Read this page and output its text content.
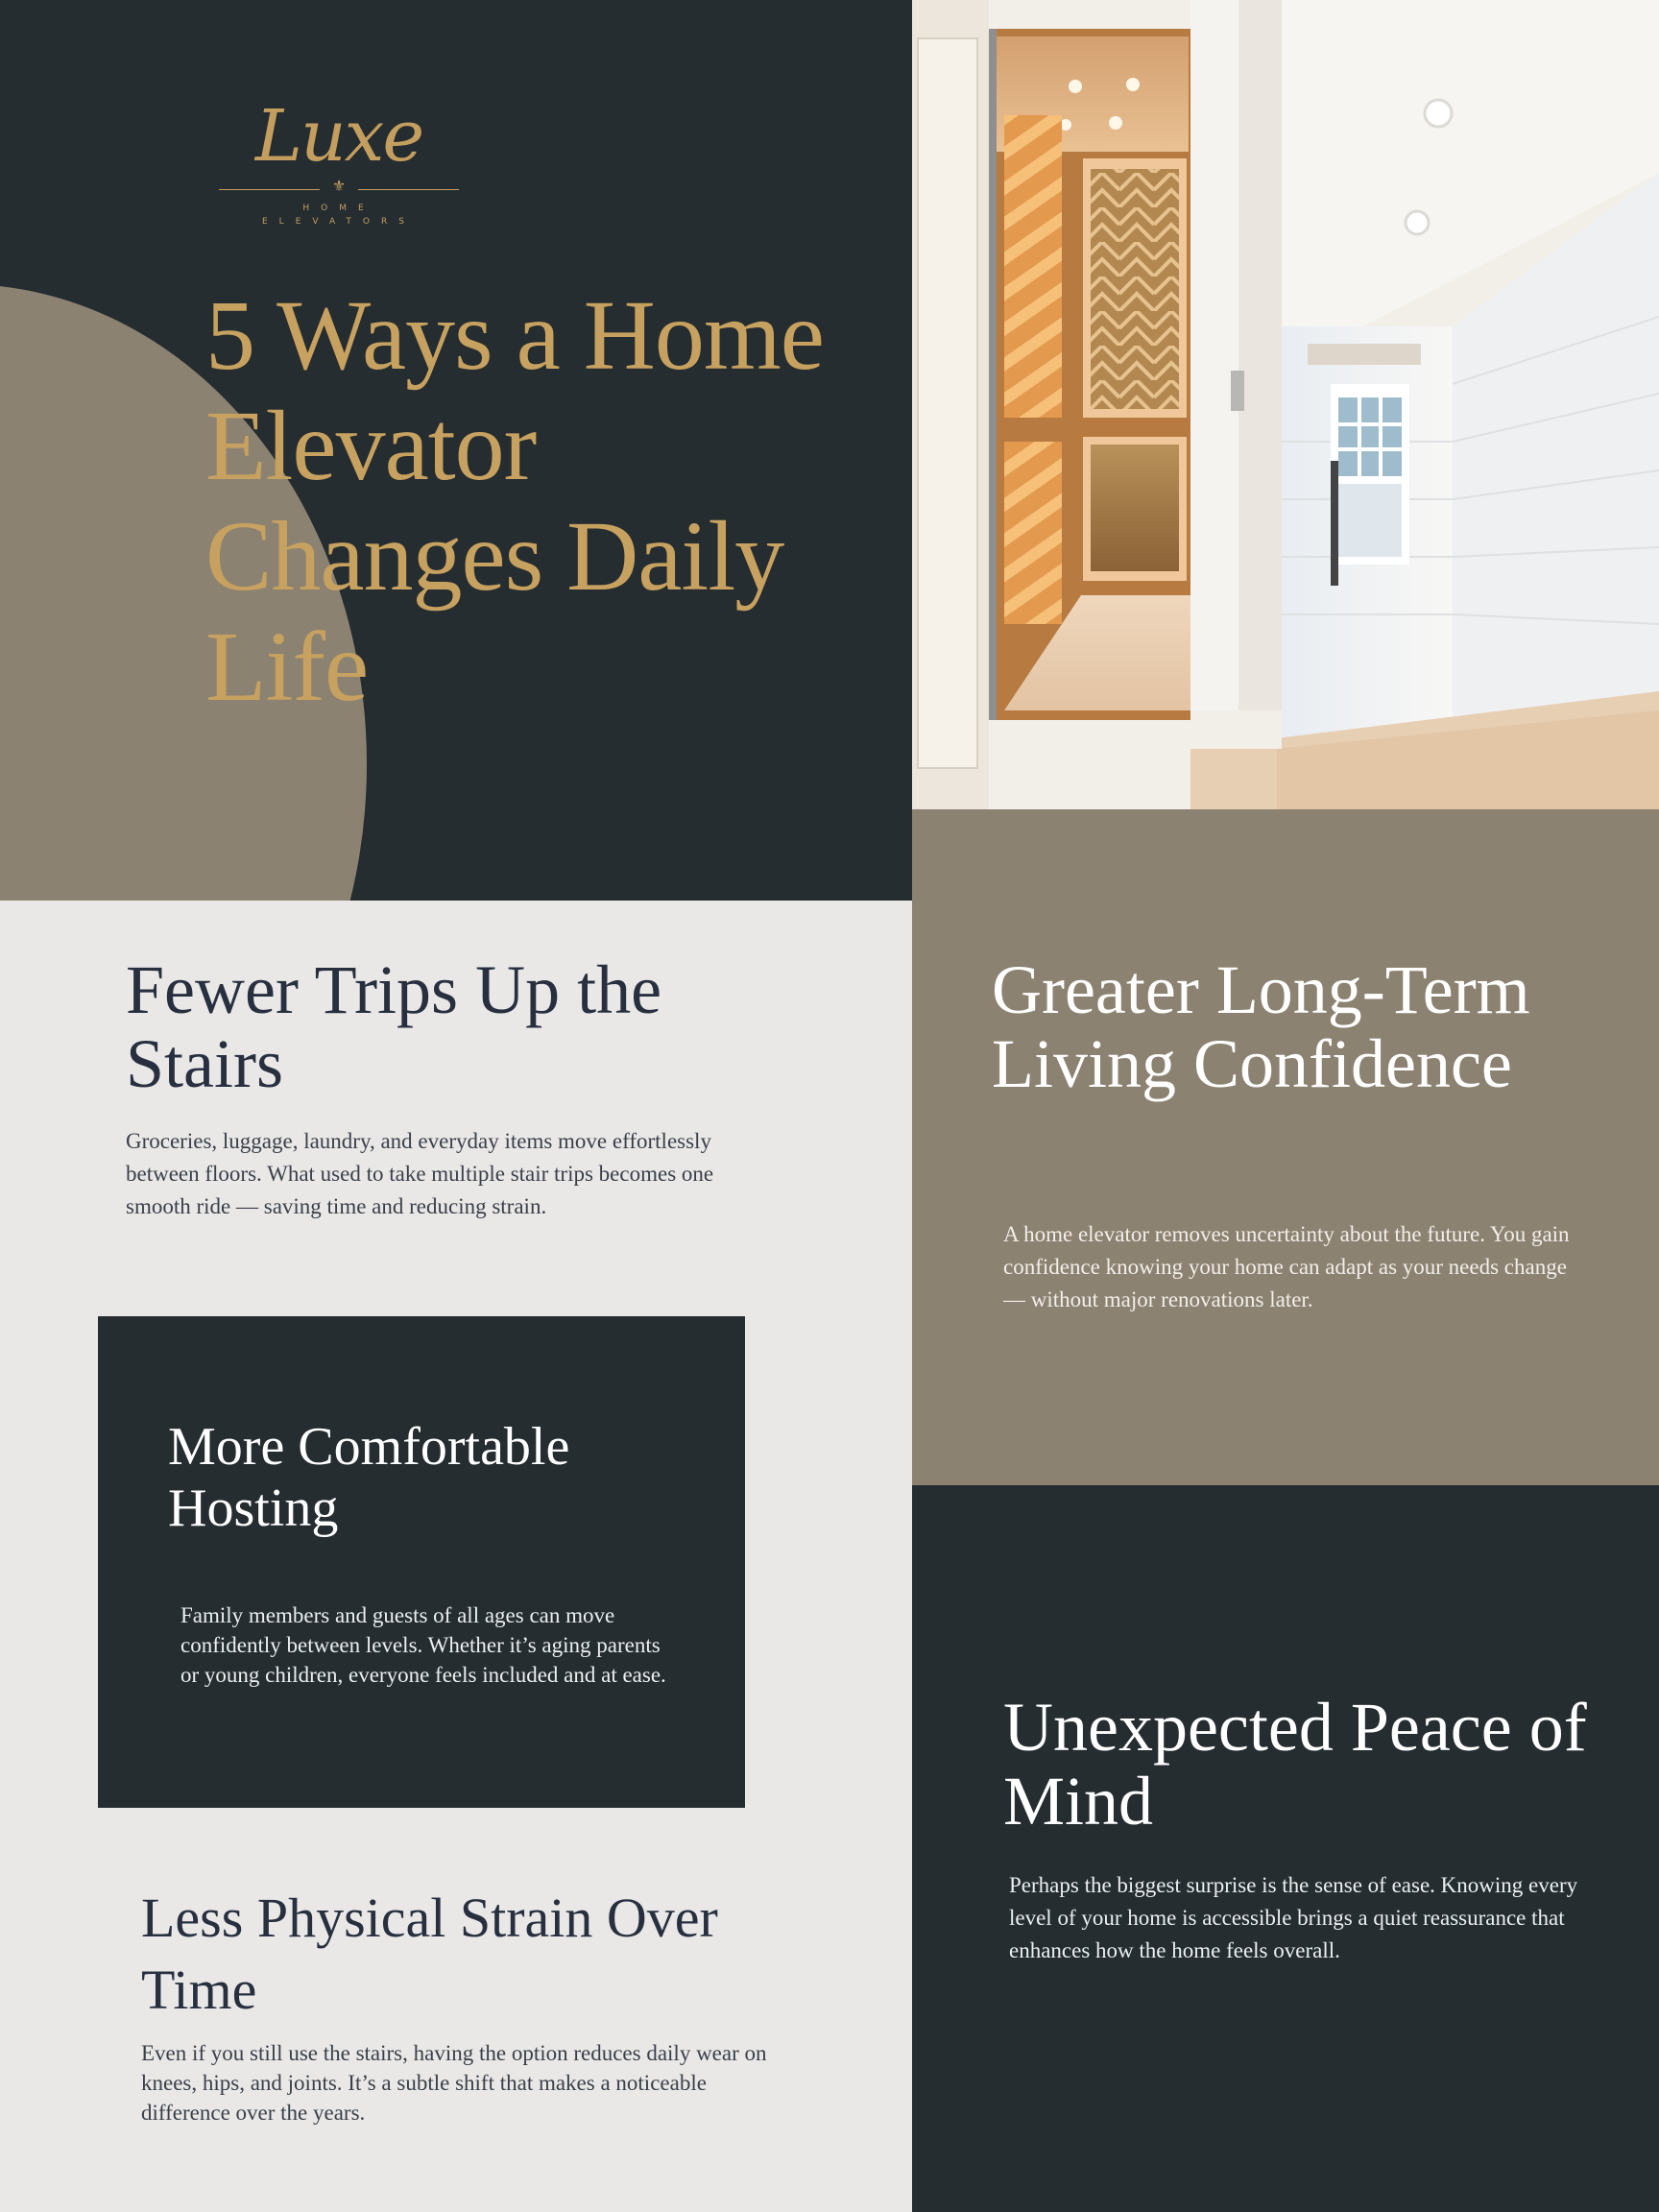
Luxe
⚜
HOME ELEVATORS
5 Ways a Home Elevator Changes Daily Life
Greater Long-Term Living Confidence

A home elevator removes uncertainty about the future. You gain confidence knowing your home can adapt as your needs change — without major renovations later.

Unexpected Peace of Mind

Perhaps the biggest surprise is the sense of ease. Knowing every level of your home is accessible brings a quiet reassurance that enhances how the home feels overall.

Fewer Trips Up the Stairs

Groceries, luggage, laundry, and everyday items move effortlessly between floors. What used to take multiple stair trips becomes one smooth ride — saving time and reducing strain.

More Comfortable Hosting

Family members and guests of all ages can move confidently between levels. Whether it’s aging parents or young children, everyone feels included and at ease.

Less Physical Strain Over Time

Even if you still use the stairs, having the option reduces daily wear on knees, hips, and joints. It’s a subtle shift that makes a noticeable difference over the years.
